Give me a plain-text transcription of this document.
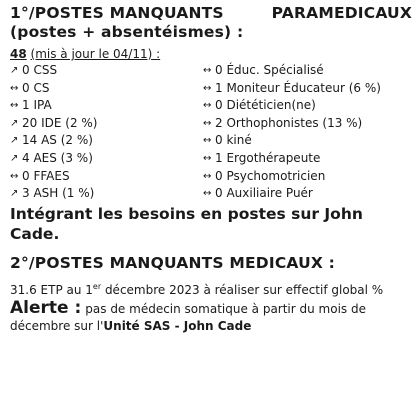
1°/POSTES MANQUANTS	PARAMEDICAUX
(postes + absentéismes) :
48 (mis à jour le 04/11) :
↗ 0 CSS	↔ 0 Éduc. Spécialisé
↔ 0 CS	↔ 1 Moniteur Éducateur (6 %)
↔ 1 IPA	↔ 0 Diététicien(ne)
↗ 20 IDE (2 %)	↔ 2 Orthophonistes (13 %)
↗ 14 AS (2 %)	↔ 0 kiné
↗ 4 AES (3 %)	↔ 1 Ergothérapeute
↔ 0 FFAES	↔ 0 Psychomotricien
↗ 3 ASH (1 %)	↔ 0 Auxiliaire Puér
Intégrant les besoins en postes sur John Cade.
2°/POSTES MANQUANTS MEDICAUX :
31.6 ETP au 1er décembre 2023 à réaliser sur effectif global %
Alerte : pas de médecin somatique à partir du mois de décembre sur l'Unité SAS - John Cade
